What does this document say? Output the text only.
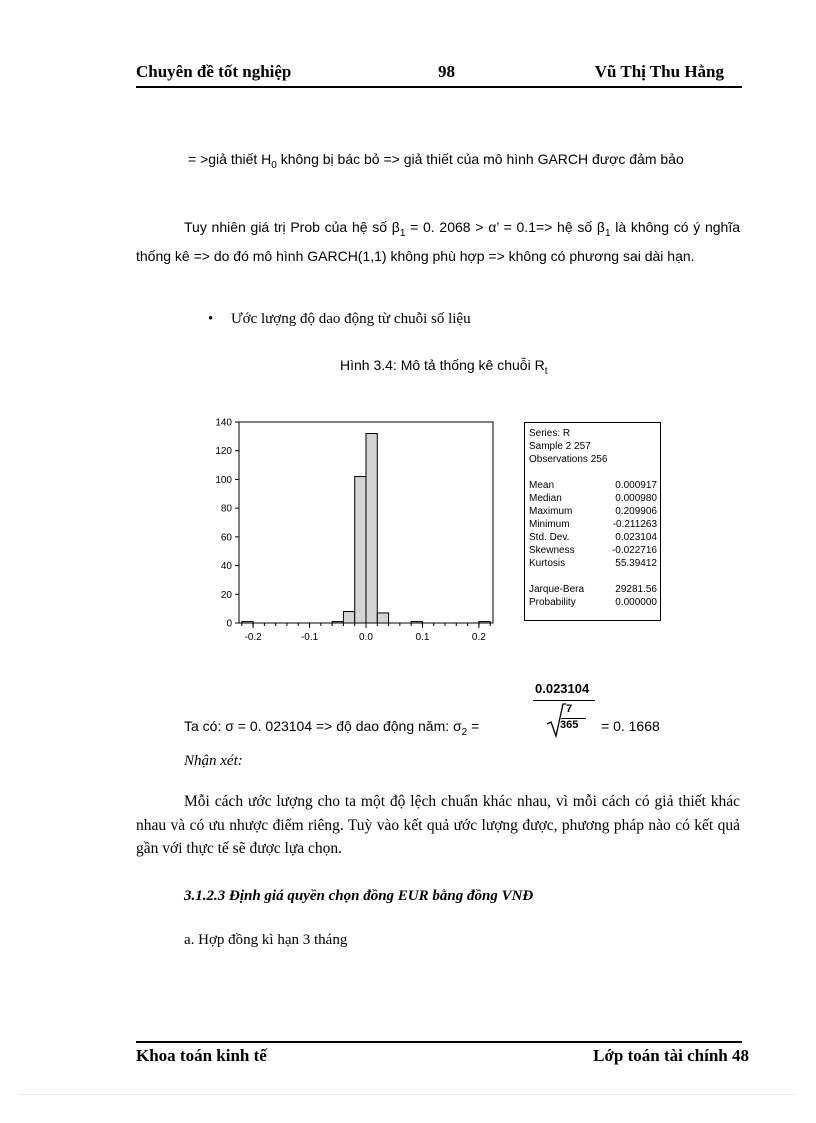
Chuyên đề tốt nghiệp	98	Vũ Thị Thu Hằng

= >giả thiết $H_0$ không bị bác bỏ => giả thiết của mô hình GARCH được đảm bảo

Tuy nhiên giá trị Prob của hệ số $\beta_1 = 0$. 2068 > α’ = 0.1=> hệ số $\beta_1$ là không có ý nghĩa thống kê => do đó mô hình GARCH(1,1) không phù hợp => không có phương sai dài hạn.

• Ước lượng độ dao động từ chuỗi số liệu
Hình 3.4: Mô tả thống kê chuỗi $R_t$
0
20
40
60
80
100
120
140
-0.2	-0.1	0.0	0.1	0.2
Series: R
Sample 2 257
Observations 256
Mean	0.000917
Median	0.000980
Maximum	0.209906
Minimum	-0.211263
Std. Dev.	0.023104
Skewness	-0.022716
Kurtosis	55.39412
Jarque-Bera	29281.56
Probability	0.000000
0.023104
7
365
Ta có: σ = 0. 023104 => độ dao động năm: $\sigma_2$ =	= 0. 1668
Nhận xét:

Mỗi cách ước lượng cho ta một độ lệch chuẩn khác nhau, vì mỗi cách có giả thiết khác nhau và có ưu nhược điểm riêng. Tuỳ vào kết quả ước lượng được, phương pháp nào có kết quả gần với thực tế sẽ được lựa chọn.

3.1.2.3 Định giá quyền chọn đồng EUR bằng đồng VNĐ
a. Hợp đồng kì hạn 3 tháng
Khoa toán kinh tế	Lớp toán tài chính 48
